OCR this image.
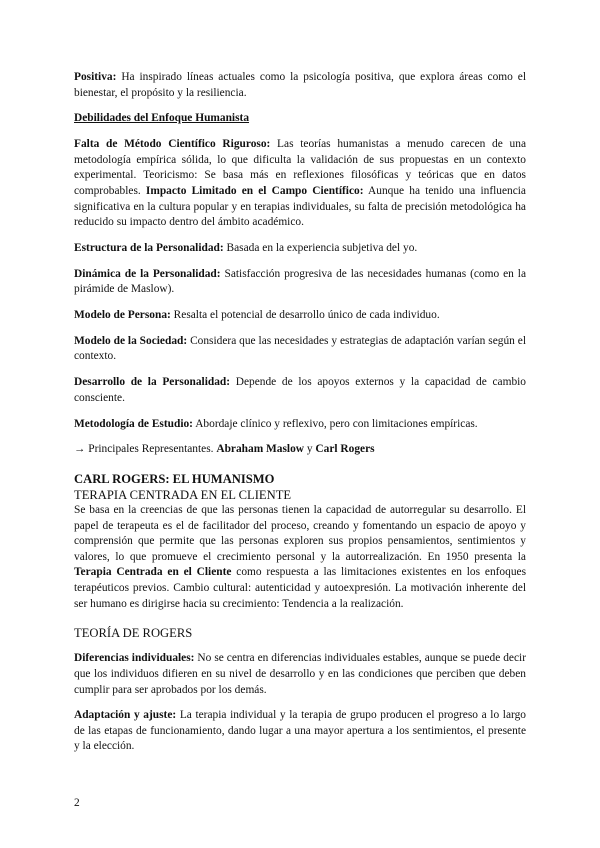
Positiva: Ha inspirado líneas actuales como la psicología positiva, que explora áreas como el bienestar, el propósito y la resiliencia.

Debilidades del Enfoque Humanista

Falta de Método Científico Riguroso: Las teorías humanistas a menudo carecen de una metodología empírica sólida, lo que dificulta la validación de sus propuestas en un contexto experimental. Teoricismo: Se basa más en reflexiones filosóficas y teóricas que en datos comprobables. Impacto Limitado en el Campo Científico: Aunque ha tenido una influencia significativa en la cultura popular y en terapias individuales, su falta de precisión metodológica ha reducido su impacto dentro del ámbito académico.

Estructura de la Personalidad: Basada en la experiencia subjetiva del yo.

Dinámica de la Personalidad: Satisfacción progresiva de las necesidades humanas (como en la pirámide de Maslow).

Modelo de Persona: Resalta el potencial de desarrollo único de cada individuo.

Modelo de la Sociedad: Considera que las necesidades y estrategias de adaptación varían según el contexto.

Desarrollo de la Personalidad: Depende de los apoyos externos y la capacidad de cambio consciente.

Metodología de Estudio: Abordaje clínico y reflexivo, pero con limitaciones empíricas.

→ Principales Representantes. Abraham Maslow y Carl Rogers

CARL ROGERS: EL HUMANISMO

TERAPIA CENTRADA EN EL CLIENTE

Se basa en la creencias de que las personas tienen la capacidad de autorregular su desarrollo. El papel de terapeuta es el de facilitador del proceso, creando y fomentando un espacio de apoyo y comprensión que permite que las personas exploren sus propios pensamientos, sentimientos y valores, lo que promueve el crecimiento personal y la autorrealización. En 1950 presenta la Terapia Centrada en el Cliente como respuesta a las limitaciones existentes en los enfoques terapéuticos previos. Cambio cultural: autenticidad y autoexpresión. La motivación inherente del ser humano es dirigirse hacia su crecimiento: Tendencia a la realización.

TEORÍA DE ROGERS

Diferencias individuales: No se centra en diferencias individuales estables, aunque se puede decir que los individuos difieren en su nivel de desarrollo y en las condiciones que perciben que deben cumplir para ser aprobados por los demás.

Adaptación y ajuste: La terapia individual y la terapia de grupo producen el progreso a lo largo de las etapas de funcionamiento, dando lugar a una mayor apertura a los sentimientos, el presente y la elección.

2
